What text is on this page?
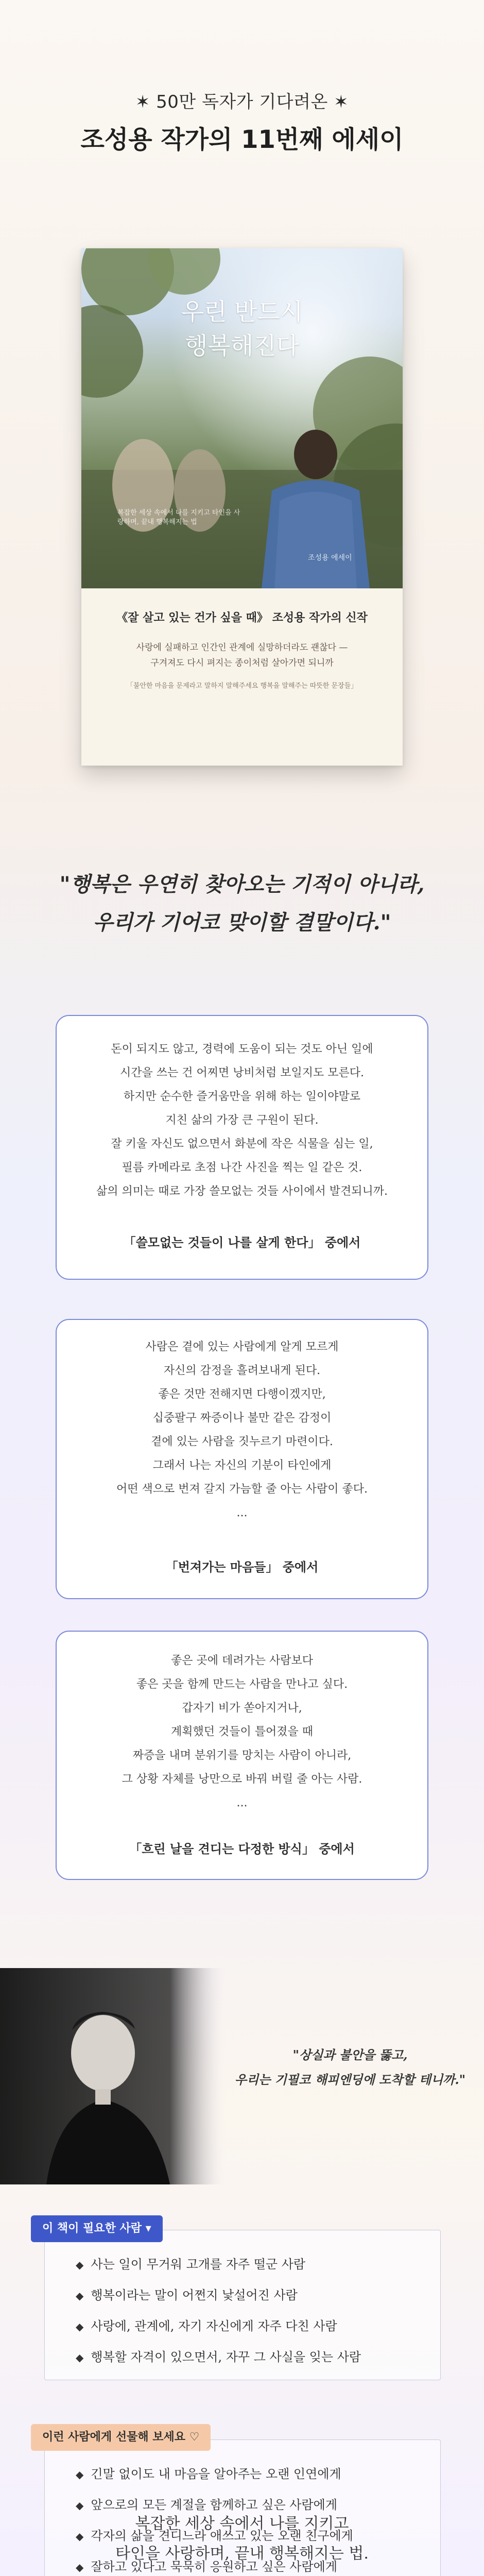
✶ 50만 독자가 기다려온 ✶
조성용 작가의 11번째 에세이
우린 반드시
행복해진다
복잡한 세상 속에서 나를 지키고 타인을 사랑하며, 끝내 행복해지는 법
조성용 에세이
《잘 살고 있는 건가 싶을 때》 조성용 작가의 신작
사랑에 실패하고 인간인 관계에 실망하더라도 괜찮다 —
구겨져도 다시 펴지는 종이처럼 살아가면 되니까
「불안한 마음을 문제라고 말하지 말해주세요 행복을 말해주는 따뜻한 문장들」
"행복은 우연히 찾아오는 기적이 아니라,
우리가 기어코 맞이할 결말이다."
돈이 되지도 않고, 경력에 도움이 되는 것도 아닌 일에
시간을 쓰는 건 어찌면 낭비처럼 보일지도 모른다.
하지만 순수한 즐거움만을 위해 하는 일이야말로
지친 삶의 가장 큰 구원이 된다.
잘 키울 자신도 없으면서 화분에 작은 식물을 심는 일,
필름 카메라로 초점 나간 사진을 찍는 일 같은 것.
삶의 의미는 때로 가장 쓸모없는 것들 사이에서 발견되니까.
「쓸모없는 것들이 나를 살게 한다」 중에서
사람은 곁에 있는 사람에게 알게 모르게
자신의 감정을 흘려보내게 된다.
좋은 것만 전해지면 다행이겠지만,
십중팔구 짜증이나 불만 같은 감정이
곁에 있는 사람을 짓누르기 마련이다.
그래서 나는 자신의 기분이 타인에게
어떤 색으로 번져 갈지 가늠할 줄 아는 사람이 좋다.
...
「번져가는 마음들」 중에서
좋은 곳에 데려가는 사람보다
좋은 곳을 함께 만드는 사람을 만나고 싶다.
갑자기 비가 쏟아지거나,
계획했던 것들이 틀어졌을 때
짜증을 내며 분위기를 망치는 사람이 아니라,
그 상황 자체를 낭만으로 바꿔 버릴 줄 아는 사람.
...
「흐린 날을 견디는 다정한 방식」 중에서
"상실과 불안을 뚫고,
우리는 기필코 해피엔딩에 도착할 테니까."
◆ 사는 일이 무거워 고개를 자주 떨군 사람
◆ 행복이라는 말이 어쩐지 낯설어진 사람
◆ 사랑에, 관계에, 자기 자신에게 자주 다친 사람
◆ 행복할 자격이 있으면서, 자꾸 그 사실을 잊는 사람
이 책이 필요한 사람 ▾
◆ 긴말 없이도 내 마음을 알아주는 오랜 인연에게
◆ 앞으로의 모든 계절을 함께하고 싶은 사람에게
◆ 각자의 삶을 견디느라 애쓰고 있는 오랜 친구에게
◆ 잘하고 있다고 묵묵히 응원하고 싶은 사람에게
이런 사람에게 선물해 보세요 ♡
복잡한 세상 속에서 나를 지키고
타인을 사랑하며, 끝내 행복해지는 법.
